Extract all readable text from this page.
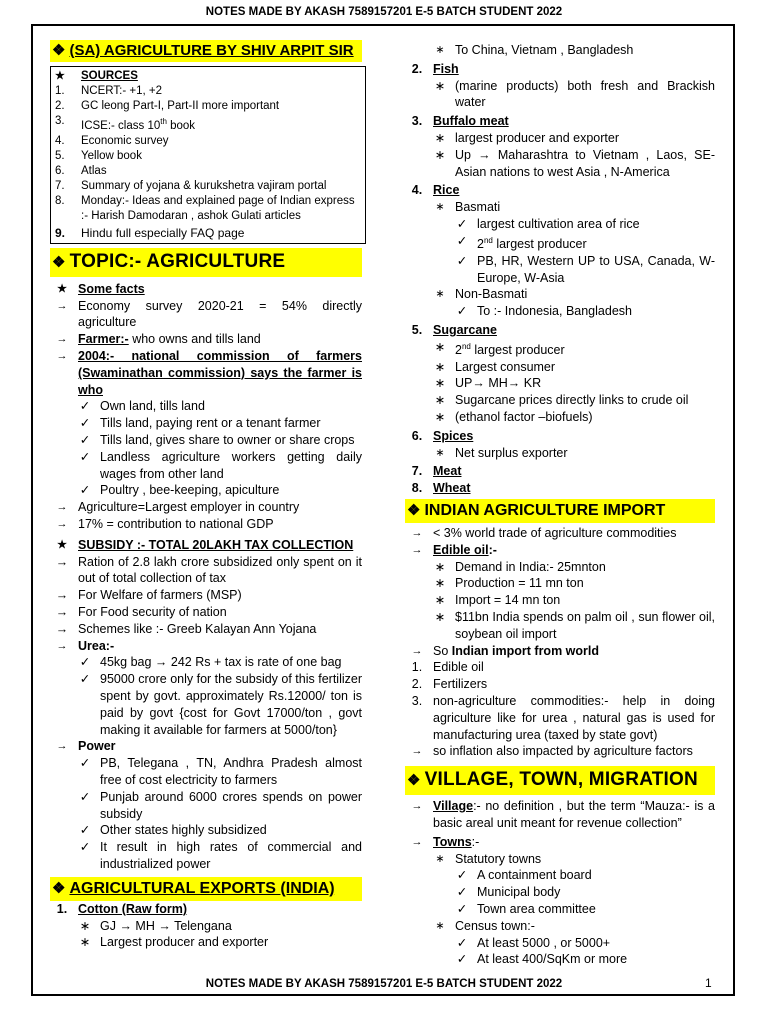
NOTES MADE BY AKASH 7589157201 E-5 BATCH STUDENT 2022
❖ (SA) AGRICULTURE BY SHIV ARPIT SIR
★	SOURCES
1.	NCERT:- +1, +2
2.	GC leong Part-I, Part-II more important
3.	ICSE:- class 10th book
4.	Economic survey
5.	Yellow book
6.	Atlas
7.	Summary of yojana & kurukshetra vajiram portal
8.	Monday:- Ideas and explained page of Indian express :- Harish Damodaran , ashok Gulati articles
9.	Hindu full especially FAQ page
❖ TOPIC:- AGRICULTURE
★ Some facts
→ Economy survey 2020-21 = 54% directly agriculture
→ Farmer:- who owns and tills land
→ 2004:- national commission of farmers (Swaminathan commission) says the farmer is who
✓ Own land, tills land
✓ Tills land, paying rent or a tenant farmer
✓ Tills land, gives share to owner or share crops
✓ Landless agriculture workers getting daily wages from other land
✓ Poultry , bee-keeping, apiculture
→ Agriculture=Largest employer in country
→ 17% = contribution to national GDP
★ SUBSIDY :- TOTAL 20LAKH TAX COLLECTION
→ Ration of 2.8 lakh crore subsidized only spent on it out of total collection of tax
→ For Welfare of farmers (MSP)
→ For Food security of nation
→ Schemes like :- Greeb Kalayan Ann Yojana
→ Urea:-
✓ 45kg bag → 242 Rs + tax is rate of one bag
✓ 95000 crore only for the subsidy of this fertilizer spent by govt. approximately Rs.12000/ ton is paid by govt {cost for Govt 17000/ton , govt making it available for farmers at 5000/ton}
→ Power
✓ PB, Telegana , TN, Andhra Pradesh almost free of cost electricity to farmers
✓ Punjab around 6000 crores spends on power subsidy
✓ Other states highly subsidized
✓ It result in high rates of commercial and industrialized power
❖ AGRICULTURAL EXPORTS (INDIA)
1. Cotton (Raw form)
∗ GJ → MH → Telengana
∗ Largest producer and exporter
∗ To China, Vietnam , Bangladesh
2. Fish
∗ (marine products) both fresh and Brackish water
3. Buffalo meat
∗ largest producer and exporter
∗ Up → Maharashtra to Vietnam , Laos, SE-Asian nations to west Asia , N-America
4. Rice
∗ Basmati
✓ largest cultivation area of rice
✓ 2nd largest producer
✓ PB, HR, Western UP to USA, Canada, W-Europe, W-Asia
∗ Non-Basmati
✓ To :- Indonesia, Bangladesh
5. Sugarcane
∗ 2nd largest producer
∗ Largest consumer
∗ UP→ MH→ KR
∗ Sugarcane prices directly links to crude oil
∗ (ethanol factor –biofuels)
6. Spices
∗ Net surplus exporter
7. Meat
8. Wheat
❖ INDIAN AGRICULTURE IMPORT
→ < 3% world trade of agriculture commodities
→ Edible oil:-
∗ Demand in India:- 25mnton
∗ Production = 11 mn ton
∗ Import = 14 mn ton
∗ $11bn India spends on palm oil , sun flower oil, soybean oil import
→ So Indian import from world
1. Edible oil
2. Fertilizers
3. non-agriculture commodities:- help in doing agriculture like for urea , natural gas is used for manufacturing urea (taxed by state govt)
→ so inflation also impacted by agriculture factors
❖ VILLAGE, TOWN, MIGRATION
→ Village:- no definition , but the term “Mauza:- is a basic areal unit meant for revenue collection”
→ Towns:-
∗ Statutory towns
✓ A containment board
✓ Municipal body
✓ Town area committee
∗ Census town:-
✓ At least 5000 , or 5000+
✓ At least 400/SqKm or more
NOTES MADE BY AKASH 7589157201 E-5 BATCH STUDENT 2022	1
